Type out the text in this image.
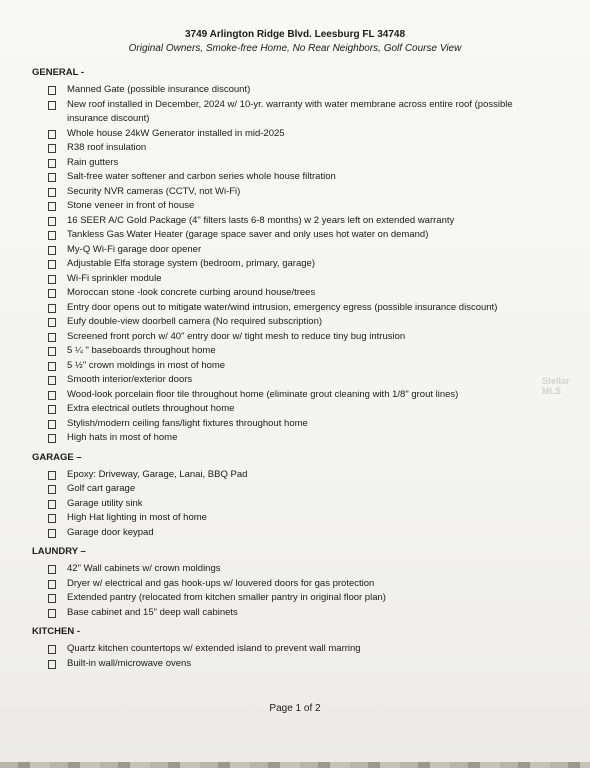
3749 Arlington Ridge Blvd. Leesburg FL 34748
Original Owners, Smoke-free Home, No Rear Neighbors, Golf Course View
GENERAL -
Manned Gate (possible insurance discount)
New roof installed in December, 2024 w/ 10-yr. warranty with water membrane across entire roof (possible insurance discount)
Whole house 24kW Generator installed in mid-2025
R38 roof insulation
Rain gutters
Salt-free water softener and carbon series whole house filtration
Security NVR cameras (CCTV, not Wi-Fi)
Stone veneer in front of house
16 SEER A/C Gold Package (4" filters lasts 6-8 months) w 2 years left on extended warranty
Tankless Gas Water Heater (garage space saver and only uses hot water on demand)
My-Q Wi-Fi garage door opener
Adjustable Elfa storage system (bedroom, primary, garage)
Wi-Fi sprinkler module
Moroccan stone -look concrete curbing around house/trees
Entry door opens out to mitigate water/wind intrusion, emergency egress (possible insurance discount)
Eufy double-view doorbell camera (No required subscription)
Screened front porch w/ 40" entry door w/ tight mesh to reduce tiny bug intrusion
5 ¼ " baseboards throughout home
5 ½" crown moldings in most of home
Smooth interior/exterior doors
Wood-look porcelain floor tile throughout home (eliminate grout cleaning with 1/8" grout lines)
Extra electrical outlets throughout home
Stylish/modern ceiling fans/light fixtures throughout home
High hats in most of home
GARAGE –
Epoxy: Driveway, Garage, Lanai, BBQ Pad
Golf cart garage
Garage utility sink
High Hat lighting in most of home
Garage door keypad
LAUNDRY –
42" Wall cabinets w/ crown moldings
Dryer w/ electrical and gas hook-ups w/ louvered doors for gas protection
Extended pantry (relocated from kitchen smaller pantry in original floor plan)
Base cabinet and 15" deep wall cabinets
KITCHEN -
Quartz kitchen countertops w/ extended island to prevent wall marring
Built-in wall/microwave ovens
Stellar MLS
Page 1 of 2
